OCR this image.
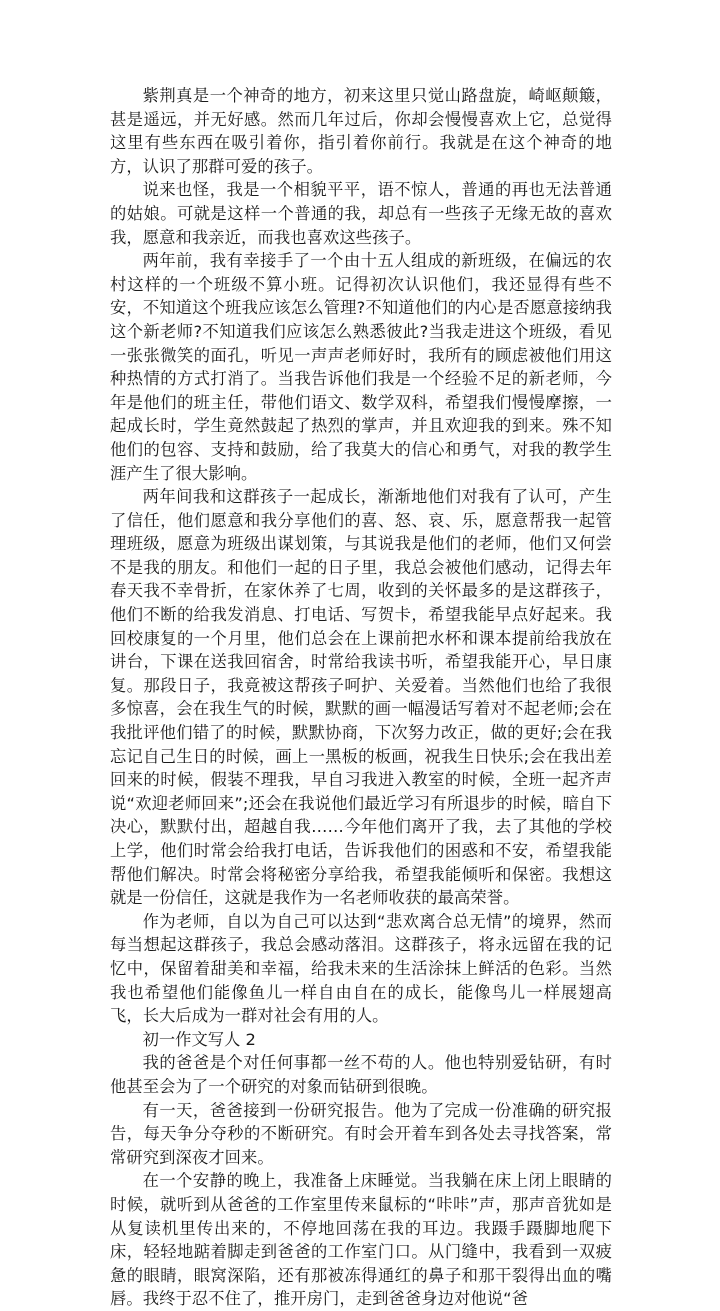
紫荆真是一个神奇的地方，初来这里只觉山路盘旋，崎岖颠簸，甚是遥远，并无好感。然而几年过后，你却会慢慢喜欢上它，总觉得这里有些东西在吸引着你，指引着你前行。我就是在这个神奇的地方，认识了那群可爱的孩子。

说来也怪，我是一个相貌平平，语不惊人，普通的再也无法普通的姑娘。可就是这样一个普通的我，却总有一些孩子无缘无故的喜欢我，愿意和我亲近，而我也喜欢这些孩子。

两年前，我有幸接手了一个由十五人组成的新班级，在偏远的农村这样的一个班级不算小班。记得初次认识他们，我还显得有些不安，不知道这个班我应该怎么管理?不知道他们的内心是否愿意接纳我这个新老师?不知道我们应该怎么熟悉彼此?当我走进这个班级，看见一张张微笑的面孔，听见一声声老师好时，我所有的顾虑被他们用这种热情的方式打消了。当我告诉他们我是一个经验不足的新老师，今年是他们的班主任，带他们语文、数学双科，希望我们慢慢摩擦，一起成长时，学生竟然鼓起了热烈的掌声，并且欢迎我的到来。殊不知他们的包容、支持和鼓励，给了我莫大的信心和勇气，对我的教学生涯产生了很大影响。

两年间我和这群孩子一起成长，渐渐地他们对我有了认可，产生了信任，他们愿意和我分享他们的喜、怒、哀、乐，愿意帮我一起管理班级，愿意为班级出谋划策，与其说我是他们的老师，他们又何尝不是我的朋友。和他们一起的日子里，我总会被他们感动，记得去年春天我不幸骨折，在家休养了七周，收到的关怀最多的是这群孩子，他们不断的给我发消息、打电话、写贺卡，希望我能早点好起来。我回校康复的一个月里，他们总会在上课前把水杯和课本提前给我放在讲台，下课在送我回宿舍，时常给我读书听，希望我能开心，早日康复。那段日子，我竟被这帮孩子呵护、关爱着。当然他们也给了我很多惊喜，会在我生气的时候，默默的画一幅漫话写着对不起老师;会在我批评他们错了的时候，默默协商，下次努力改正，做的更好;会在我忘记自己生日的时候，画上一黑板的板画，祝我生日快乐;会在我出差回来的时候，假装不理我，早自习我进入教室的时候，全班一起齐声说“欢迎老师回来”;还会在我说他们最近学习有所退步的时候，暗自下决心，默默付出，超越自我……今年他们离开了我，去了其他的学校上学，他们时常会给我打电话，告诉我他们的困惑和不安，希望我能帮他们解决。时常会将秘密分享给我，希望我能倾听和保密。我想这就是一份信任，这就是我作为一名老师收获的最高荣誉。

作为老师，自以为自己可以达到“悲欢离合总无情”的境界，然而每当想起这群孩子，我总会感动落泪。这群孩子，将永远留在我的记忆中，保留着甜美和幸福，给我未来的生活涂抹上鲜活的色彩。当然我也希望他们能像鱼儿一样自由自在的成长，能像鸟儿一样展翅高飞，长大后成为一群对社会有用的人。

初一作文写人 2

我的爸爸是个对任何事都一丝不苟的人。他也特别爱钻研，有时他甚至会为了一个研究的对象而钻研到很晚。

有一天，爸爸接到一份研究报告。他为了完成一份准确的研究报告，每天争分夺秒的不断研究。有时会开着车到各处去寻找答案，常常研究到深夜才回来。

在一个安静的晚上，我准备上床睡觉。当我躺在床上闭上眼睛的时候，就听到从爸爸的工作室里传来鼠标的“咔咔”声，那声音犹如是从复读机里传出来的，不停地回荡在我的耳边。我蹑手蹑脚地爬下床，轻轻地踮着脚走到爸爸的工作室门口。从门缝中，我看到一双疲惫的眼睛，眼窝深陷，还有那被冻得通红的鼻子和那干裂得出血的嘴唇。我终于忍不住了，推开房门，走到爸爸身边对他说“爸
